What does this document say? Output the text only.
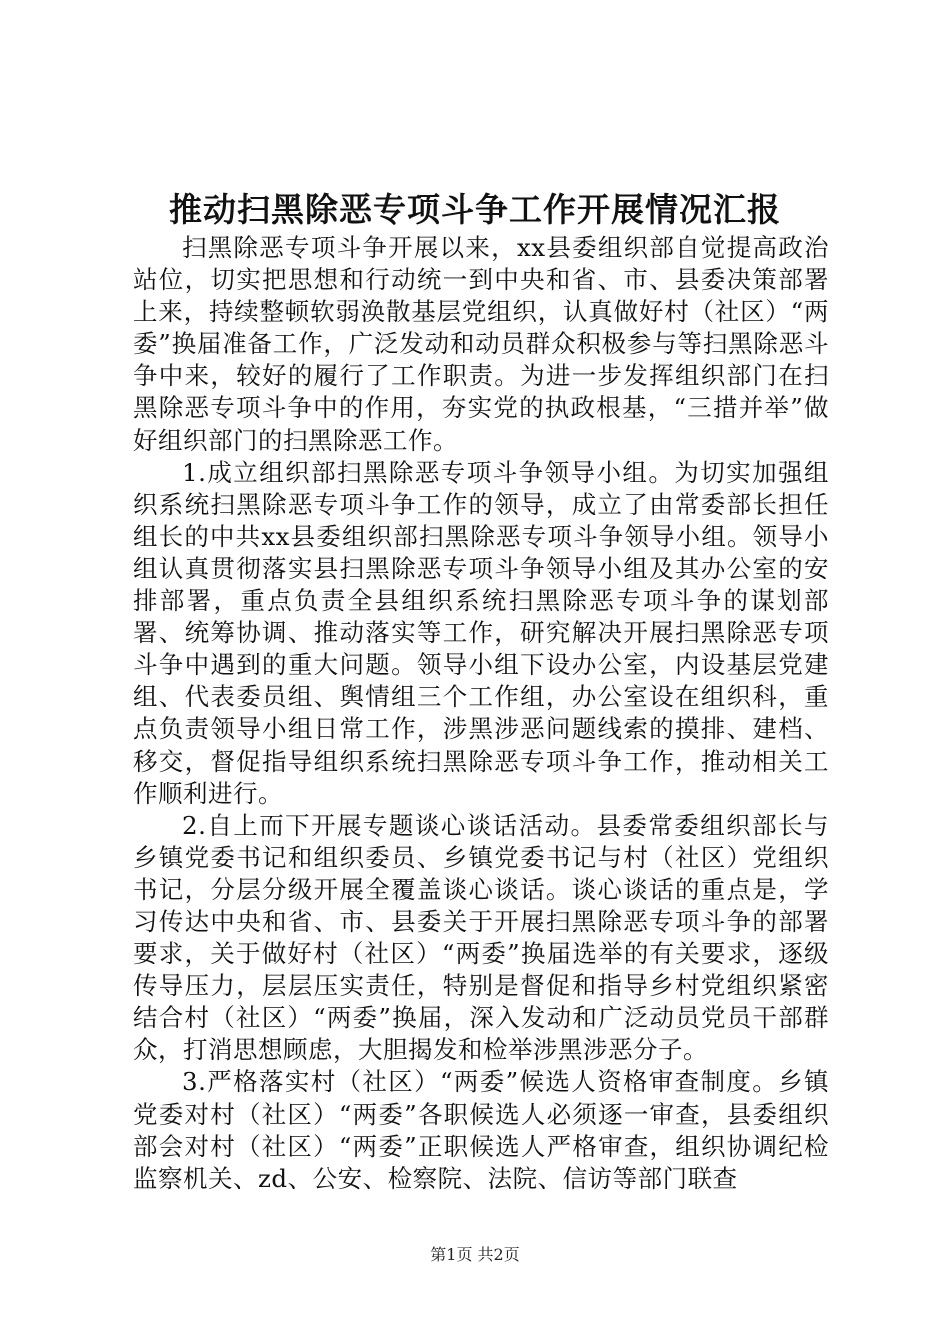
推动扫黑除恶专项斗争工作开展情况汇报

扫黑除恶专项斗争开展以来，xx县委组织部自觉提高政治站位，切实把思想和行动统一到中央和省、市、县委决策部署上来，持续整顿软弱涣散基层党组织，认真做好村（社区）“两委”换届准备工作，广泛发动和动员群众积极参与等扫黑除恶斗争中来，较好的履行了工作职责。为进一步发挥组织部门在扫黑除恶专项斗争中的作用，夯实党的执政根基，“三措并举”做好组织部门的扫黑除恶工作。

1.成立组织部扫黑除恶专项斗争领导小组。为切实加强组织系统扫黑除恶专项斗争工作的领导，成立了由常委部长担任组长的中共xx县委组织部扫黑除恶专项斗争领导小组。领导小组认真贯彻落实县扫黑除恶专项斗争领导小组及其办公室的安排部署，重点负责全县组织系统扫黑除恶专项斗争的谋划部署、统筹协调、推动落实等工作，研究解决开展扫黑除恶专项斗争中遇到的重大问题。领导小组下设办公室，内设基层党建组、代表委员组、舆情组三个工作组，办公室设在组织科，重点负责领导小组日常工作，涉黑涉恶问题线索的摸排、建档、移交，督促指导组织系统扫黑除恶专项斗争工作，推动相关工作顺利进行。

2.自上而下开展专题谈心谈话活动。县委常委组织部长与乡镇党委书记和组织委员、乡镇党委书记与村（社区）党组织书记，分层分级开展全覆盖谈心谈话。谈心谈话的重点是，学习传达中央和省、市、县委关于开展扫黑除恶专项斗争的部署要求，关于做好村（社区）“两委”换届选举的有关要求，逐级传导压力，层层压实责任，特别是督促和指导乡村党组织紧密结合村（社区）“两委”换届，深入发动和广泛动员党员干部群众，打消思想顾虑，大胆揭发和检举涉黑涉恶分子。

3.严格落实村（社区）“两委”候选人资格审查制度。乡镇党委对村（社区）“两委”各职候选人必须逐一审查，县委组织部会对村（社区）“两委”正职候选人严格审查，组织协调纪检监察机关、zd、公安、检察院、法院、信访等部门联查

第1页 共2页
